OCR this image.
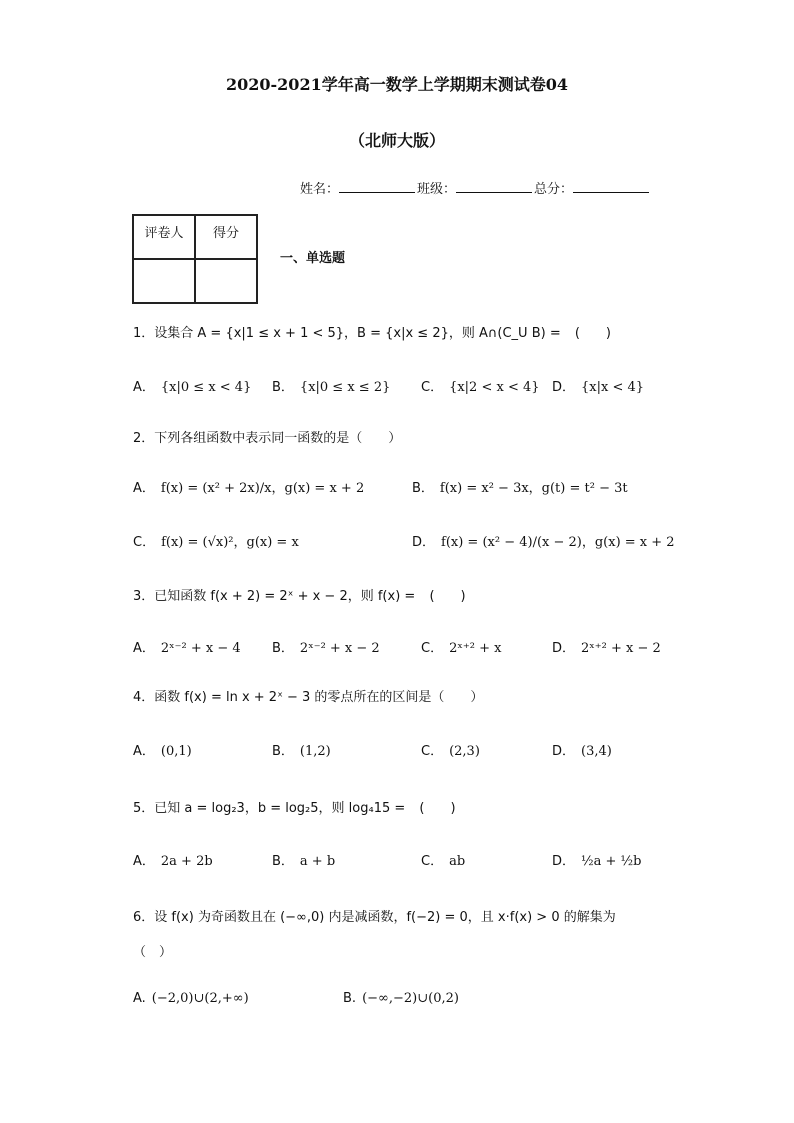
2020-2021学年高一数学上学期期末测试卷04
（北师大版）
姓名：	班级：	总分：
评卷人	得分

一、单选题
1．设集合 A = {x|1 ≤ x + 1 < 5}，B = {x|x ≤ 2}，则 A∩(C_U B) = (　　)
A． {x|0 ≤ x < 4} B． {x|0 ≤ x ≤ 2} C． {x|2 < x < 4} D． {x|x < 4}
2．下列各组函数中表示同一函数的是（　　）
A． f(x) = (x² + 2x)/x，g(x) = x + 2	B． f(x) = x² − 3x，g(t) = t² − 3t
C． f(x) = (√x)²，g(x) = x	D． f(x) = (x² − 4)/(x − 2)，g(x) = x + 2
3．已知函数 f(x + 2) = 2ˣ + x − 2，则 f(x) = (　　)
A． 2ˣ⁻² + x − 4 B． 2ˣ⁻² + x − 2	C． 2ˣ⁺² + x	D． 2ˣ⁺² + x − 2
4．函数 f(x) = ln x + 2ˣ − 3 的零点所在的区间是（　　）
A． (0,1)	B． (1,2)	C． (2,3)	D． (3,4)
5．已知 a = log₂3，b = log₂5，则 log₄15 = (　　)
A． 2a + 2b	B． a + b	C． ab	D． ½a + ½b
6．设 f(x) 为奇函数且在 (−∞,0) 内是减函数，f(−2) = 0，且 x·f(x) > 0 的解集为
（　）
A. (−2,0)∪(2,+∞)	B. (−∞,−2)∪(0,2)
